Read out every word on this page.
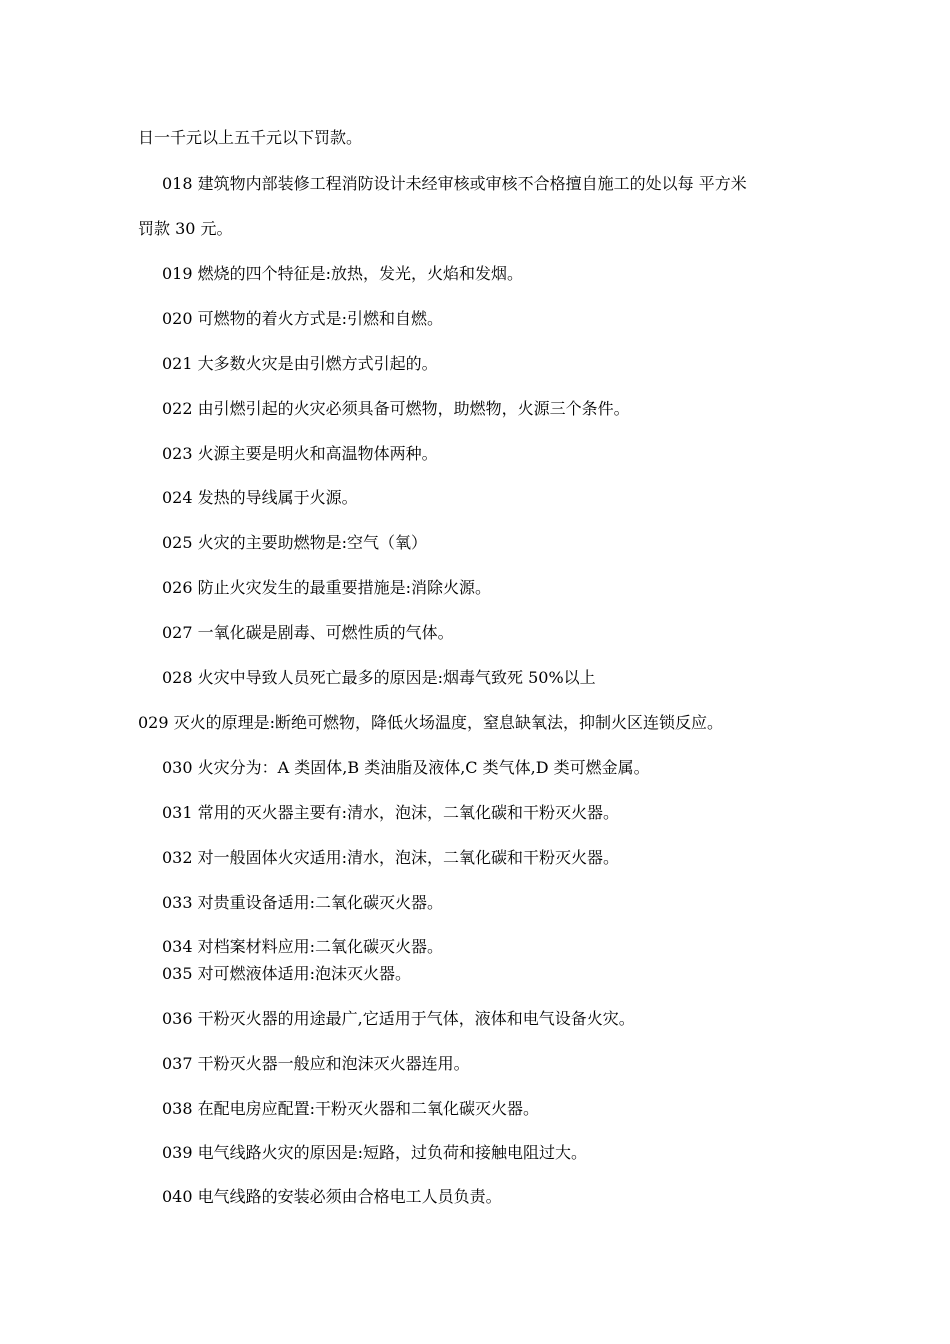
日一千元以上五千元以下罚款。

018 建筑物内部装修工程消防设计未经审核或审核不合格擅自施工的处以每 平方米

罚款 30 元。

019 燃烧的四个特征是:放热，发光，火焰和发烟。

020 可燃物的着火方式是:引燃和自燃。

021 大多数火灾是由引燃方式引起的。

022 由引燃引起的火灾必须具备可燃物，助燃物，火源三个条件。

023 火源主要是明火和高温物体两种。

024 发热的导线属于火源。

025 火灾的主要助燃物是:空气（氧）

026 防止火灾发生的最重要措施是:消除火源。

027 一氧化碳是剧毒、可燃性质的气体。

028 火灾中导致人员死亡最多的原因是:烟毒气致死 50%以上

029 灭火的原理是:断绝可燃物，降低火场温度，窒息缺氧法，抑制火区连锁反应。

030 火灾分为：A 类固体,B 类油脂及液体,C 类气体,D 类可燃金属。

031 常用的灭火器主要有:清水，泡沫，二氧化碳和干粉灭火器。

032 对一般固体火灾适用:清水，泡沫，二氧化碳和干粉灭火器。

033 对贵重设备适用:二氧化碳灭火器。

034 对档案材料应用:二氧化碳灭火器。

035 对可燃液体适用:泡沫灭火器。

036 干粉灭火器的用途最广,它适用于气体，液体和电气设备火灾。

037 干粉灭火器一般应和泡沫灭火器连用。

038 在配电房应配置:干粉灭火器和二氧化碳灭火器。

039 电气线路火灾的原因是:短路，过负荷和接触电阻过大。

040 电气线路的安装必须由合格电工人员负责。
